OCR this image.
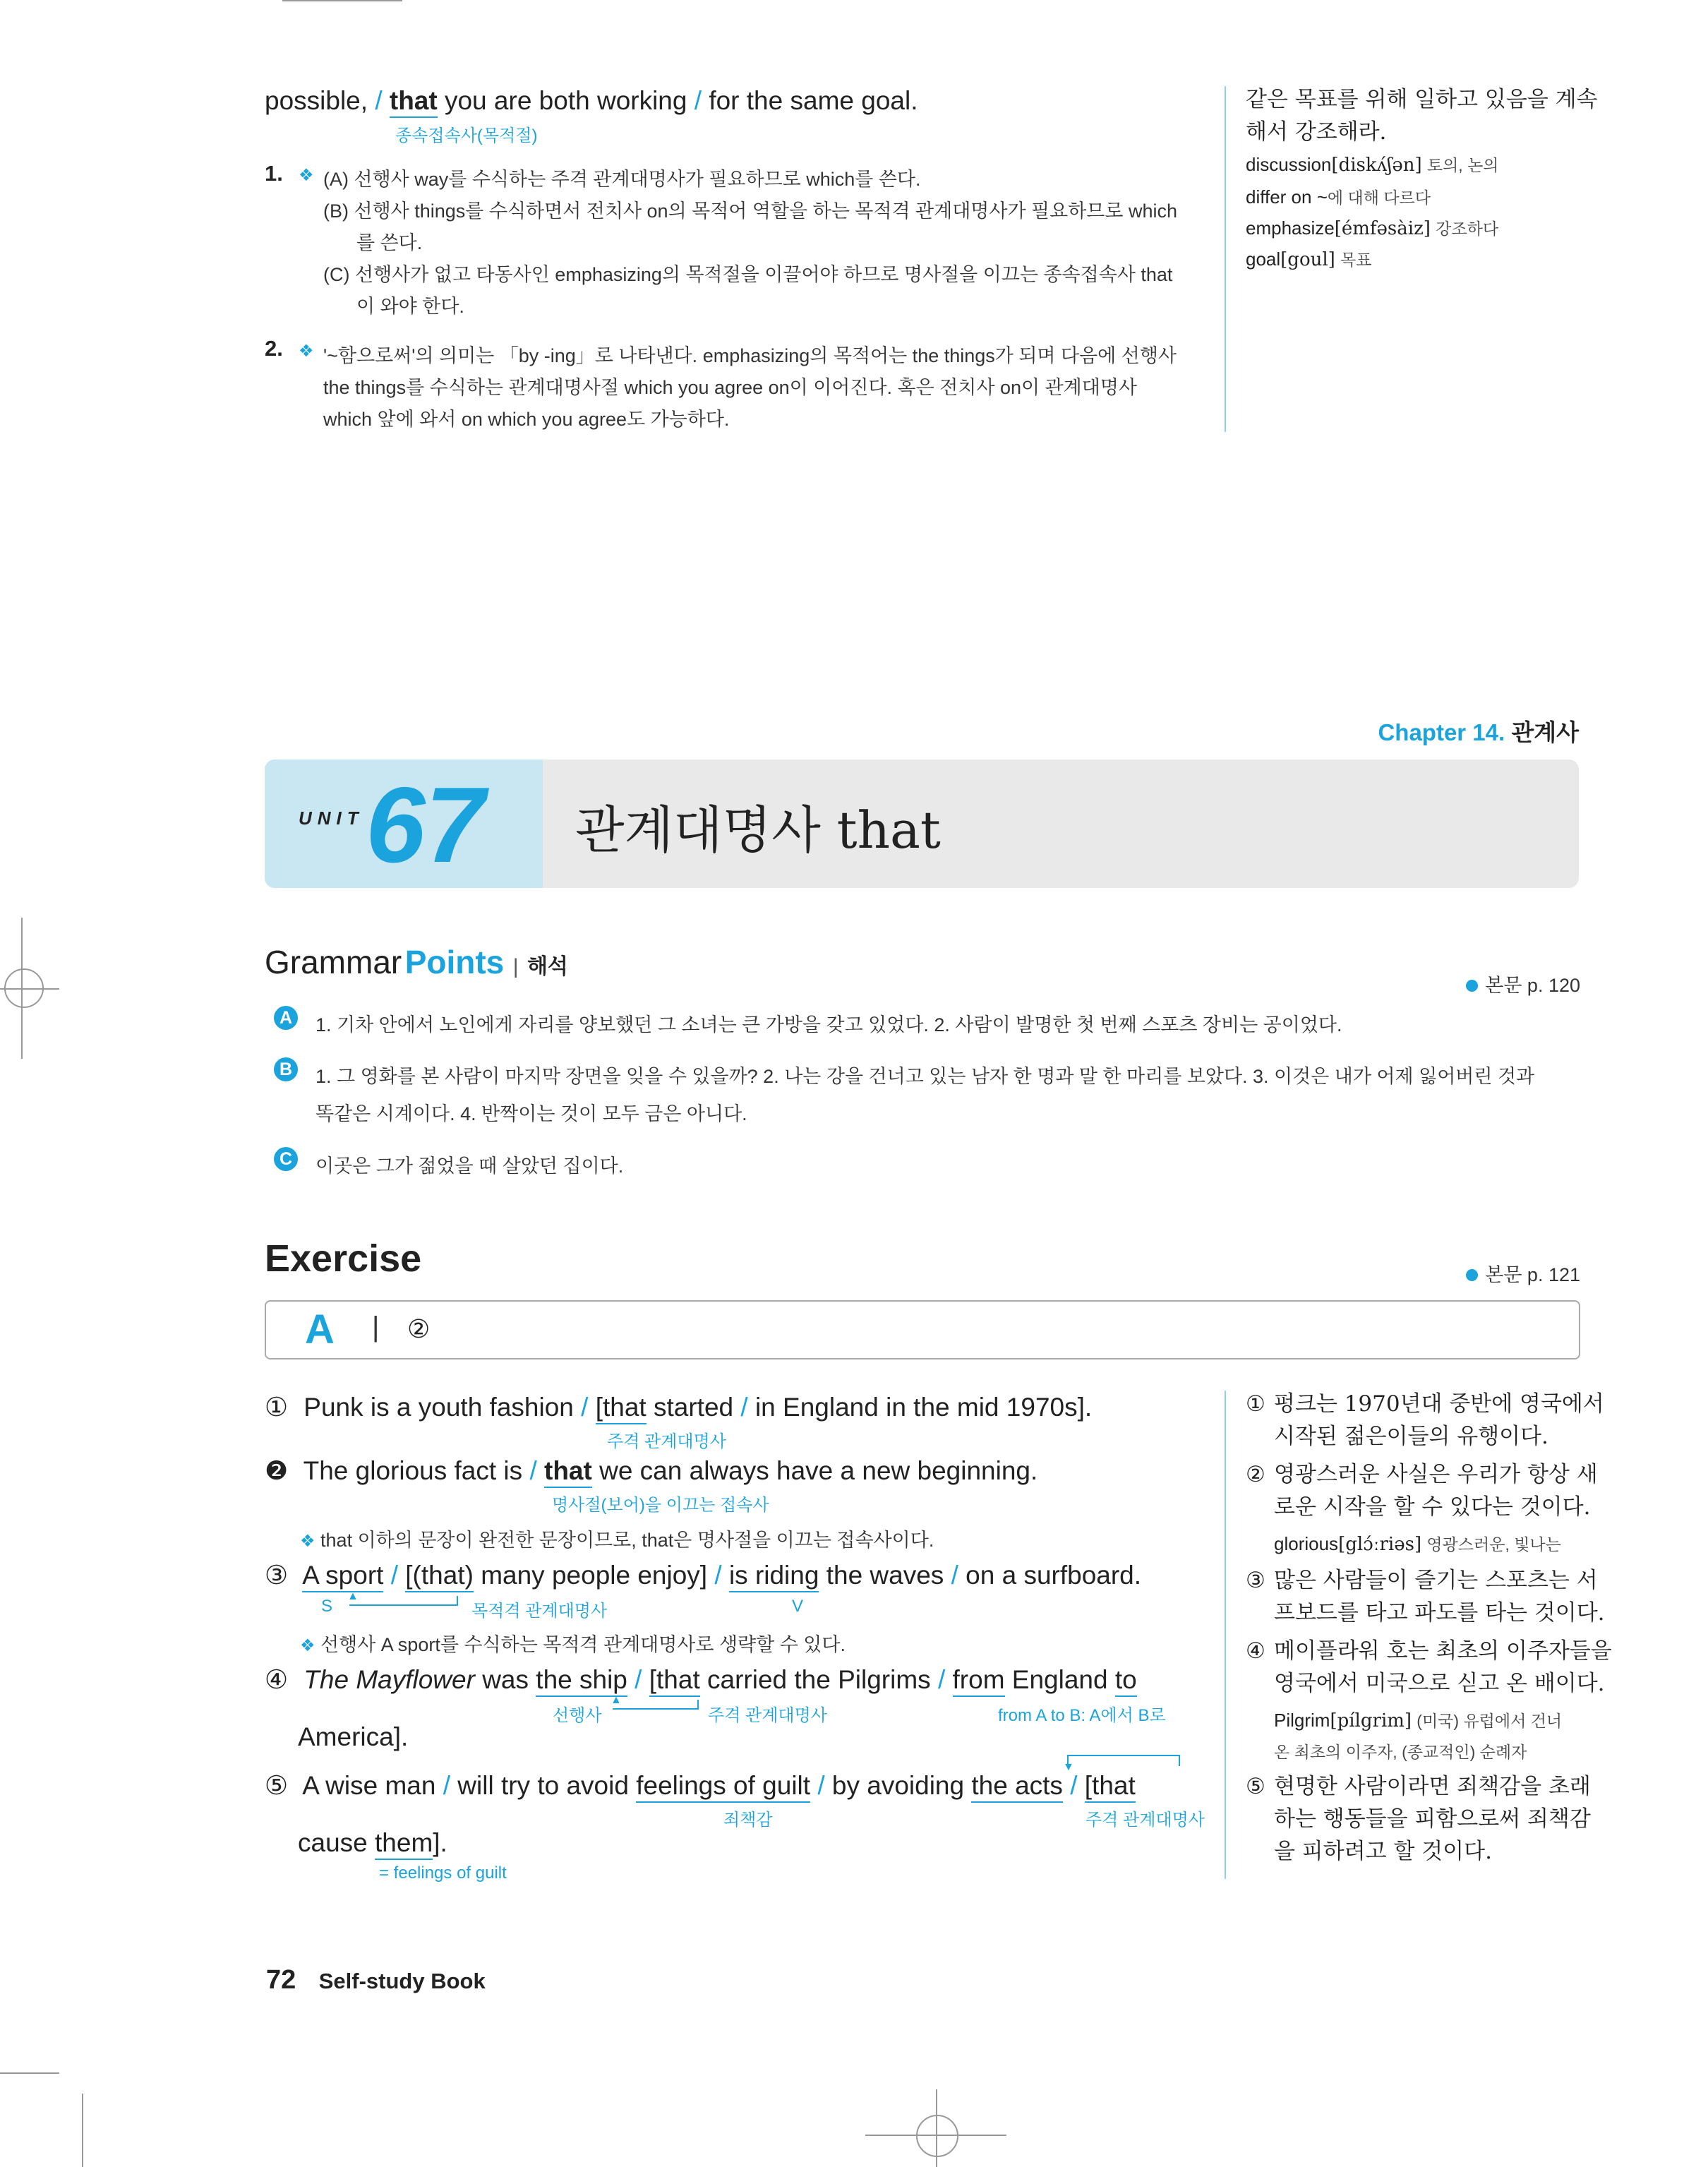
possible, / that you are both working / for the same goal.
종속접속사(목적절)
1. ❖ (A) 선행사 way를 수식하는 주격 관계대명사가 필요하므로 which를 쓴다.
(B) 선행사 things를 수식하면서 전치사 on의 목적어 역할을 하는 목적격 관계대명사가 필요하므로 which
를 쓴다.
(C) 선행사가 없고 타동사인 emphasizing의 목적절을 이끌어야 하므로 명사절을 이끄는 종속접속사 that
이 와야 한다.
2. ❖ '~함으로써'의 의미는 「by -ing」로 나타낸다. emphasizing의 목적어는 the things가 되며 다음에 선행사
the things를 수식하는 관계대명사절 which you agree on이 이어진다. 혹은 전치사 on이 관계대명사
which 앞에 와서 on which you agree도 가능하다.
같은 목표를 위해 일하고 있음을 계속
해서 강조해라.
discussion[diskʌ́ʃən] 토의, 논의
differ on ~에 대해 다르다
emphasize[émfəsàiz] 강조하다
goal[goul] 목표
Chapter 14. 관계사
UNIT 67 관계대명사 that
Grammar Points | 해석
본문 p. 120
A 1. 기차 안에서 노인에게 자리를 양보했던 그 소녀는 큰 가방을 갖고 있었다. 2. 사람이 발명한 첫 번째 스포츠 장비는 공이었다.
B 1. 그 영화를 본 사람이 마지막 장면을 잊을 수 있을까? 2. 나는 강을 건너고 있는 남자 한 명과 말 한 마리를 보았다. 3. 이것은 내가 어제 잃어버린 것과
똑같은 시계이다. 4. 반짝이는 것이 모두 금은 아니다.
C 이곳은 그가 젊었을 때 살았던 집이다.
Exercise	본문 p. 121
A | ②
① Punk is a youth fashion / [that started / in England in the mid 1970s].
주격 관계대명사
❷ The glorious fact is / that we can always have a new beginning.
명사절(보어)을 이끄는 접속사
❖ that 이하의 문장이 완전한 문장이므로, that은 명사절을 이끄는 접속사이다.
③ A sport / [(that) many people enjoy] / is riding the waves / on a surfboard.
S
▲
목적격 관계대명사	V
❖ 선행사 A sport를 수식하는 목적격 관계대명사로 생략할 수 있다.
④ The Mayflower was the ship / [that carried the Pilgrims / from England to
선행사
▲
주격 관계대명사	from A to B: A에서 B로
America].
▼
⑤ A wise man / will try to avoid feelings of guilt / by avoiding the acts / [that
죄책감	주격 관계대명사
cause them].
= feelings of guilt
① 펑크는 1970년대 중반에 영국에서
시작된 젊은이들의 유행이다.
② 영광스러운 사실은 우리가 항상 새
로운 시작을 할 수 있다는 것이다.
glorious[glɔ́ːriəs] 영광스러운, 빛나는
③ 많은 사람들이 즐기는 스포츠는 서
프보드를 타고 파도를 타는 것이다.
④ 메이플라워 호는 최초의 이주자들을
영국에서 미국으로 싣고 온 배이다.
Pilgrim[pílgrim] (미국) 유럽에서 건너
온 최초의 이주자, (종교적인) 순례자
⑤ 현명한 사람이라면 죄책감을 초래
하는 행동들을 피함으로써 죄책감
을 피하려고 할 것이다.
72 Self-study Book
